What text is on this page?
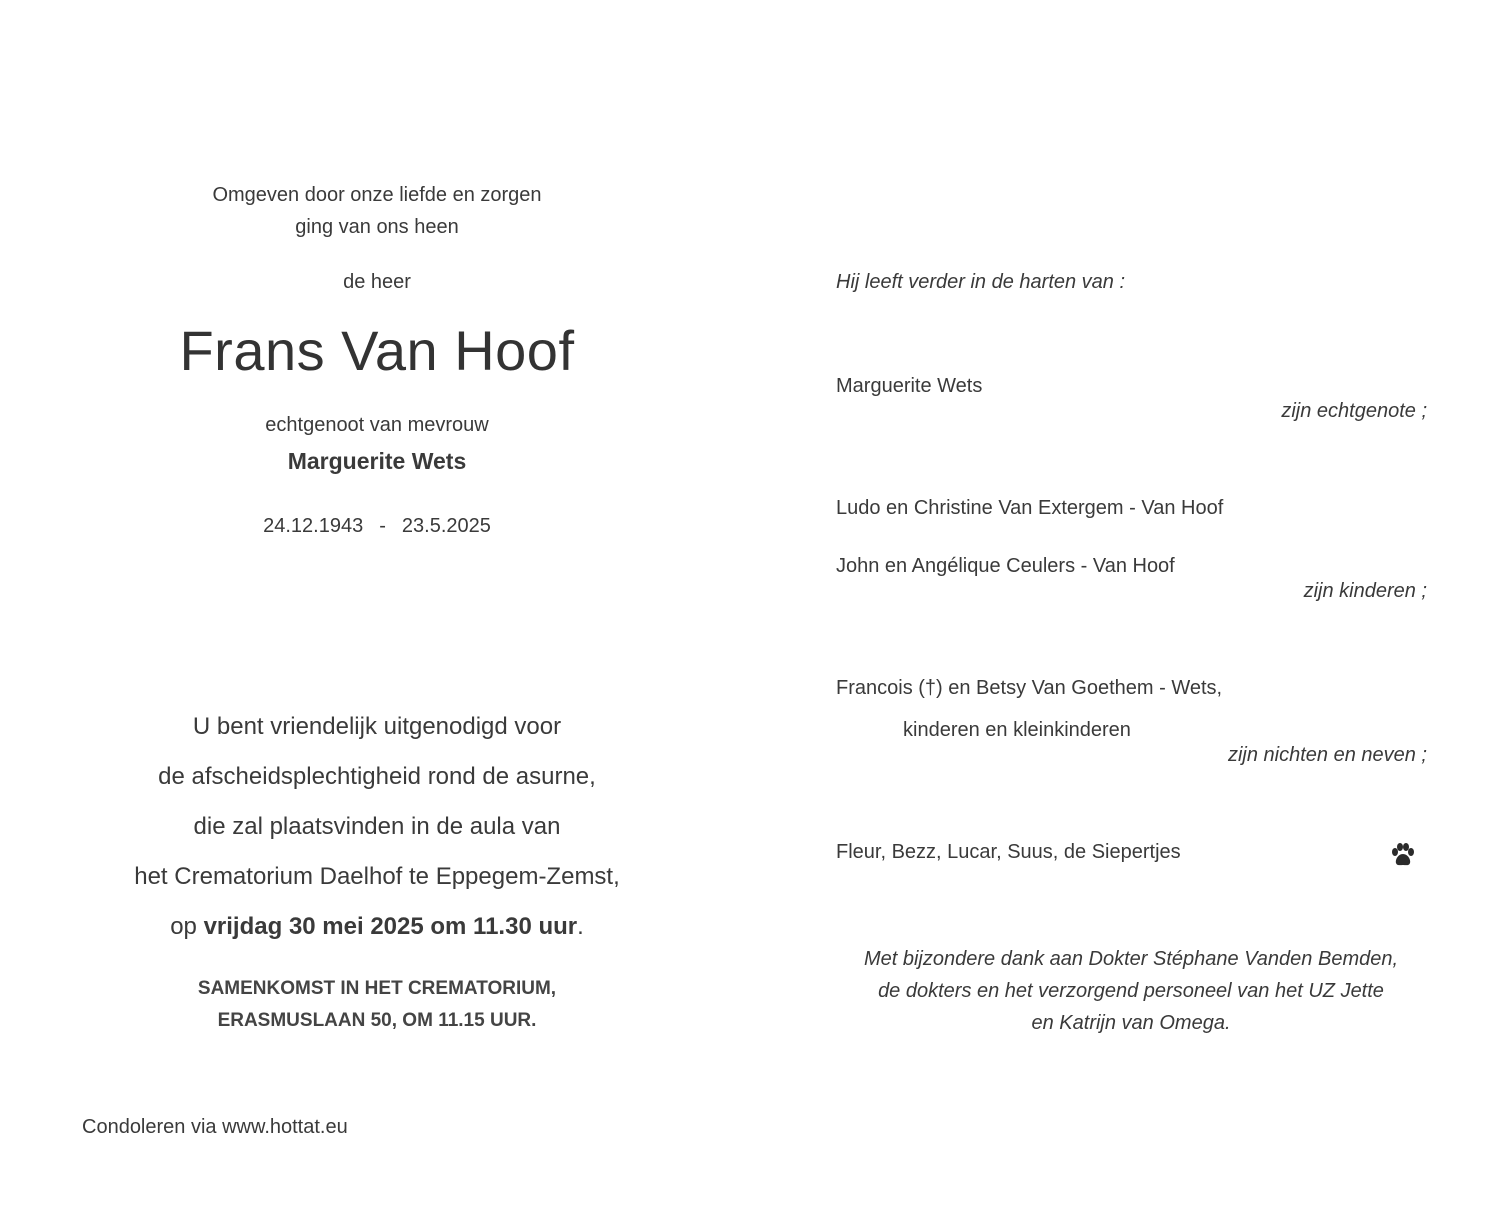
Omgeven door onze liefde en zorgen
ging van ons heen
de heer
Frans Van Hoof
echtgenoot van mevrouw
Marguerite Wets
24.12.1943 - 23.5.2025
U bent vriendelijk uitgenodigd voor
de afscheidsplechtigheid rond de asurne,
die zal plaatsvinden in de aula van
het Crematorium Daelhof te Eppegem-Zemst,
op vrijdag 30 mei 2025 om 11.30 uur.
SAMENKOMST IN HET CREMATORIUM,
ERASMUSLAAN 50, OM 11.15 UUR.
Condoleren via www.hottat.eu
Hij leeft verder in de harten van :
Marguerite Wets
zijn echtgenote ;
Ludo en Christine Van Extergem - Van Hoof
John en Angélique Ceulers - Van Hoof
zijn kinderen ;
Francois (†) en Betsy Van Goethem - Wets,
kinderen en kleinkinderen
zijn nichten en neven ;
Fleur, Bezz, Lucar, Suus, de Siepertjes
Met bijzondere dank aan Dokter Stéphane Vanden Bemden,
de dokters en het verzorgend personeel van het UZ Jette
en Katrijn van Omega.
